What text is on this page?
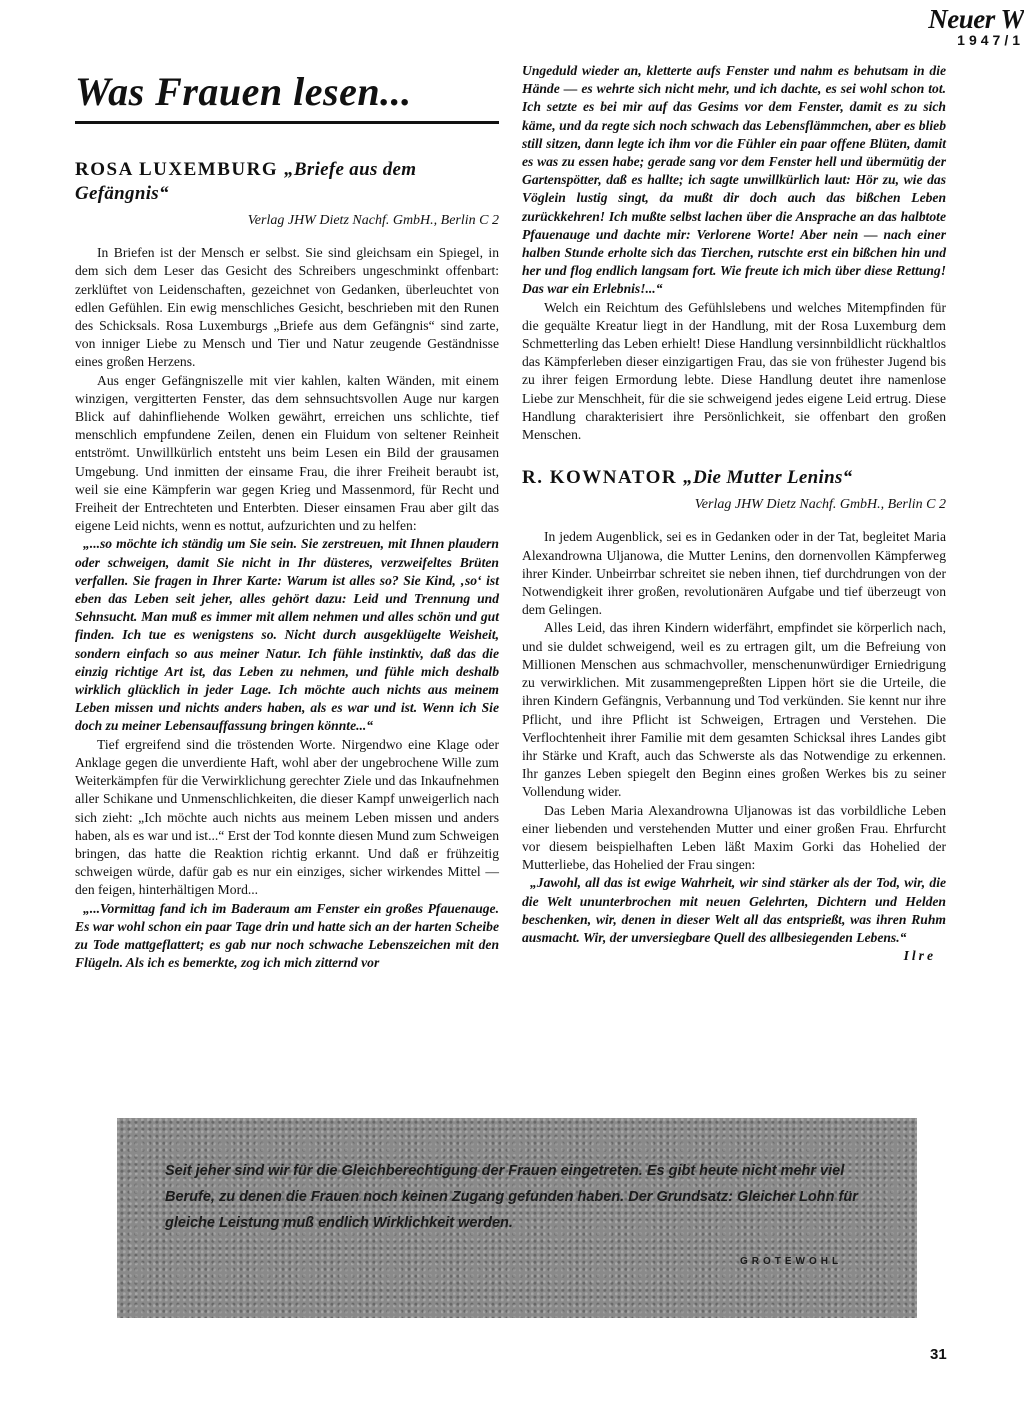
Neuer W
1947/1
Was Frauen lesen...
ROSA LUXEMBURG „Briefe aus dem Gefängnis“
Verlag JHW Dietz Nachf. GmbH., Berlin C 2

In Briefen ist der Mensch er selbst. Sie sind gleichsam ein Spiegel, in dem sich dem Leser das Gesicht des Schreibers ungeschminkt offenbart: zerklüftet von Leidenschaften, gezeichnet von Gedanken, überleuchtet von edlen Gefühlen. Ein ewig menschliches Gesicht, beschrieben mit den Runen des Schicksals. Rosa Luxemburgs „Briefe aus dem Gefängnis“ sind zarte, von inniger Liebe zu Mensch und Tier und Natur zeugende Geständnisse eines großen Herzens.

Aus enger Gefängniszelle mit vier kahlen, kalten Wänden, mit einem winzigen, vergitterten Fenster, das dem sehnsuchtsvollen Auge nur kargen Blick auf dahinfliehende Wolken gewährt, erreichen uns schlichte, tief menschlich empfundene Zeilen, denen ein Fluidum von seltener Reinheit entströmt. Unwillkürlich entsteht uns beim Lesen ein Bild der grausamen Umgebung. Und inmitten der einsame Frau, die ihrer Freiheit beraubt ist, weil sie eine Kämpferin war gegen Krieg und Massenmord, für Recht und Freiheit der Entrechteten und Enterbten. Dieser einsamen Frau aber gilt das eigene Leid nichts, wenn es nottut, aufzurichten und zu helfen:

„...so möchte ich ständig um Sie sein. Sie zerstreuen, mit Ihnen plaudern oder schweigen, damit Sie nicht in Ihr düsteres, verzweifeltes Brüten verfallen. Sie fragen in Ihrer Karte: Warum ist alles so? Sie Kind, ‚so‘ ist eben das Leben seit jeher, alles gehört dazu: Leid und Trennung und Sehnsucht. Man muß es immer mit allem nehmen und alles schön und gut finden. Ich tue es wenigstens so. Nicht durch ausgeklügelte Weisheit, sondern einfach so aus meiner Natur. Ich fühle instinktiv, daß das die einzig richtige Art ist, das Leben zu nehmen, und fühle mich deshalb wirklich glücklich in jeder Lage. Ich möchte auch nichts aus meinem Leben missen und nichts anders haben, als es war und ist. Wenn ich Sie doch zu meiner Lebensauffassung bringen könnte...“

Tief ergreifend sind die tröstenden Worte. Nirgendwo eine Klage oder Anklage gegen die unverdiente Haft, wohl aber der ungebrochene Wille zum Weiterkämpfen für die Verwirklichung gerechter Ziele und das Inkaufnehmen aller Schikane und Unmenschlichkeiten, die dieser Kampf unweigerlich nach sich zieht: „Ich möchte auch nichts aus meinem Leben missen und anders haben, als es war und ist...“ Erst der Tod konnte diesen Mund zum Schweigen bringen, das hatte die Reaktion richtig erkannt. Und daß er frühzeitig schweigen würde, dafür gab es nur ein einziges, sicher wirkendes Mittel — den feigen, hinterhältigen Mord...

„...Vormittag fand ich im Baderaum am Fenster ein großes Pfauenauge. Es war wohl schon ein paar Tage drin und hatte sich an der harten Scheibe zu Tode mattgeflattert; es gab nur noch schwache Lebenszeichen mit den Flügeln. Als ich es bemerkte, zog ich mich zitternd vor

Ungeduld wieder an, kletterte aufs Fenster und nahm es behutsam in die Hände — es wehrte sich nicht mehr, und ich dachte, es sei wohl schon tot. Ich setzte es bei mir auf das Gesims vor dem Fenster, damit es zu sich käme, und da regte sich noch schwach das Lebensflämmchen, aber es blieb still sitzen, dann legte ich ihm vor die Fühler ein paar offene Blüten, damit es was zu essen habe; gerade sang vor dem Fenster hell und übermütig der Gartenspötter, daß es hallte; ich sagte unwillkürlich laut: Hör zu, wie das Vöglein lustig singt, da mußt dir doch auch das bißchen Leben zurückkehren! Ich mußte selbst lachen über die Ansprache an das halbtote Pfauenauge und dachte mir: Verlorene Worte! Aber nein — nach einer halben Stunde erholte sich das Tierchen, rutschte erst ein bißchen hin und her und flog endlich langsam fort. Wie freute ich mich über diese Rettung! Das war ein Erlebnis!...“

Welch ein Reichtum des Gefühlslebens und welches Mitempfinden für die gequälte Kreatur liegt in der Handlung, mit der Rosa Luxemburg dem Schmetterling das Leben erhielt! Diese Handlung versinnbildlicht rückhaltlos das Kämpferleben dieser einzigartigen Frau, das sie von frühester Jugend bis zu ihrer feigen Ermordung lebte. Diese Handlung deutet ihre namenlose Liebe zur Menschheit, für die sie schweigend jedes eigene Leid ertrug. Diese Handlung charakterisiert ihre Persönlichkeit, sie offenbart den großen Menschen.

R. KOWNATOR „Die Mutter Lenins“
Verlag JHW Dietz Nachf. GmbH., Berlin C 2

In jedem Augenblick, sei es in Gedanken oder in der Tat, begleitet Maria Alexandrowna Uljanowa, die Mutter Lenins, den dornenvollen Kämpferweg ihrer Kinder. Unbeirrbar schreitet sie neben ihnen, tief durchdrungen von der Notwendigkeit ihrer großen, revolutionären Aufgabe und tief überzeugt von dem Gelingen.

Alles Leid, das ihren Kindern widerfährt, empfindet sie körperlich nach, und sie duldet schweigend, weil es zu ertragen gilt, um die Befreiung von Millionen Menschen aus schmachvoller, menschenunwürdiger Erniedrigung zu verwirklichen. Mit zusammengepreßten Lippen hört sie die Urteile, die ihren Kindern Gefängnis, Verbannung und Tod verkünden. Sie kennt nur ihre Pflicht, und ihre Pflicht ist Schweigen, Ertragen und Verstehen. Die Verflochtenheit ihrer Familie mit dem gesamten Schicksal ihres Landes gibt ihr Stärke und Kraft, auch das Schwerste als das Notwendige zu erkennen. Ihr ganzes Leben spiegelt den Beginn eines großen Werkes bis zu seiner Vollendung wider.

Das Leben Maria Alexandrowna Uljanowas ist das vorbildliche Leben einer liebenden und verstehenden Mutter und einer großen Frau. Ehrfurcht vor diesem beispielhaften Leben läßt Maxim Gorki das Hohelied der Mutterliebe, das Hohelied der Frau singen:

„Jawohl, all das ist ewige Wahrheit, wir sind stärker als der Tod, wir, die die Welt ununterbrochen mit neuen Gelehrten, Dichtern und Helden beschenken, wir, denen in dieser Welt all das entsprießt, was ihren Ruhm ausmacht. Wir, der unversiegbare Quell des allbesiegenden Lebens.“

Ilre
Seit jeher sind wir für die Gleichberechtigung der Frauen eingetreten. Es gibt heute nicht mehr viel Berufe, zu denen die Frauen noch keinen Zugang gefunden haben. Der Grundsatz: Gleicher Lohn für gleiche Leistung muß endlich Wirklichkeit werden.
GROTEWOHL
31
